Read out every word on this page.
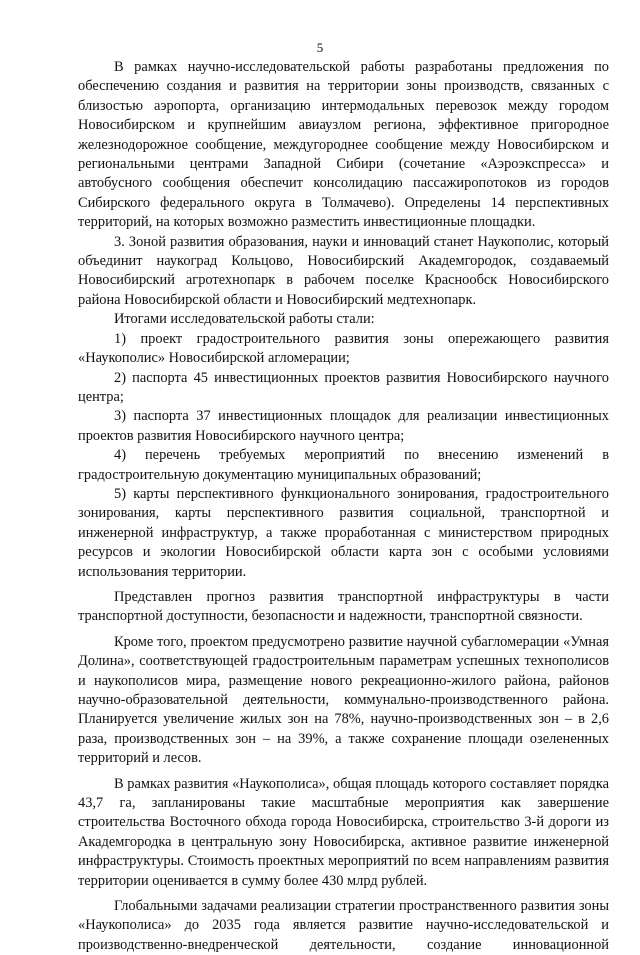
5

В рамках научно-исследовательской работы разработаны предложения по обеспечению создания и развития на территории зоны производств, связанных с близостью аэропорта, организацию интермодальных перевозок между городом Новосибирском и крупнейшим авиаузлом региона, эффективное пригородное железнодорожное сообщение, междугороднее сообщение между Новосибирском и региональными центрами Западной Сибири (сочетание «Аэроэкспресса» и автобусного сообщения обеспечит консолидацию пассажиропотоков из городов Сибирского федерального округа в Толмачево). Определены 14 перспективных территорий, на которых возможно разместить инвестиционные площадки.

3. Зоной развития образования, науки и инноваций станет Наукополис, который объединит наукоград Кольцово, Новосибирский Академгородок, создаваемый Новосибирский агротехнопарк в рабочем поселке Краснообск Новосибирского района Новосибирской области и Новосибирский медтехнопарк.

Итогами исследовательской работы стали:

1) проект градостроительного развития зоны опережающего развития «Наукополис» Новосибирской агломерации;

2) паспорта 45 инвестиционных проектов развития Новосибирского научного центра;

3) паспорта 37 инвестиционных площадок для реализации инвестиционных проектов развития Новосибирского научного центра;

4) перечень требуемых мероприятий по внесению изменений в градостроительную документацию муниципальных образований;

5) карты перспективного функционального зонирования, градостроительного зонирования, карты перспективного развития социальной, транспортной и инженерной инфраструктур, а также проработанная с министерством природных ресурсов и экологии Новосибирской области карта зон с особыми условиями использования территории.

Представлен прогноз развития транспортной инфраструктуры в части транспортной доступности, безопасности и надежности, транспортной связности.

Кроме того, проектом предусмотрено развитие научной субагломерации «Умная Долина», соответствующей градостроительным параметрам успешных технополисов и наукополисов мира, размещение нового рекреационно-жилого района, районов научно-образовательной деятельности, коммунально-производственного района. Планируется увеличение жилых зон на 78%, научно-производственных зон – в 2,6 раза, производственных зон – на 39%, а также сохранение площади озелененных территорий и лесов.

В рамках развития «Наукополиса», общая площадь которого составляет порядка 43,7 га, запланированы такие масштабные мероприятия как завершение строительства Восточного обхода города Новосибирска, строительство 3-й дороги из Академгородка в центральную зону Новосибирска, активное развитие инженерной инфраструктуры. Стоимость проектных мероприятий по всем направлениям развития территории оценивается в сумму более 430 млрд рублей.

Глобальными задачами реализации стратегии пространственного развития зоны «Наукополиса» до 2035 года является развитие научно-исследовательской и производственно-внедренческой деятельности, создание инновационной
